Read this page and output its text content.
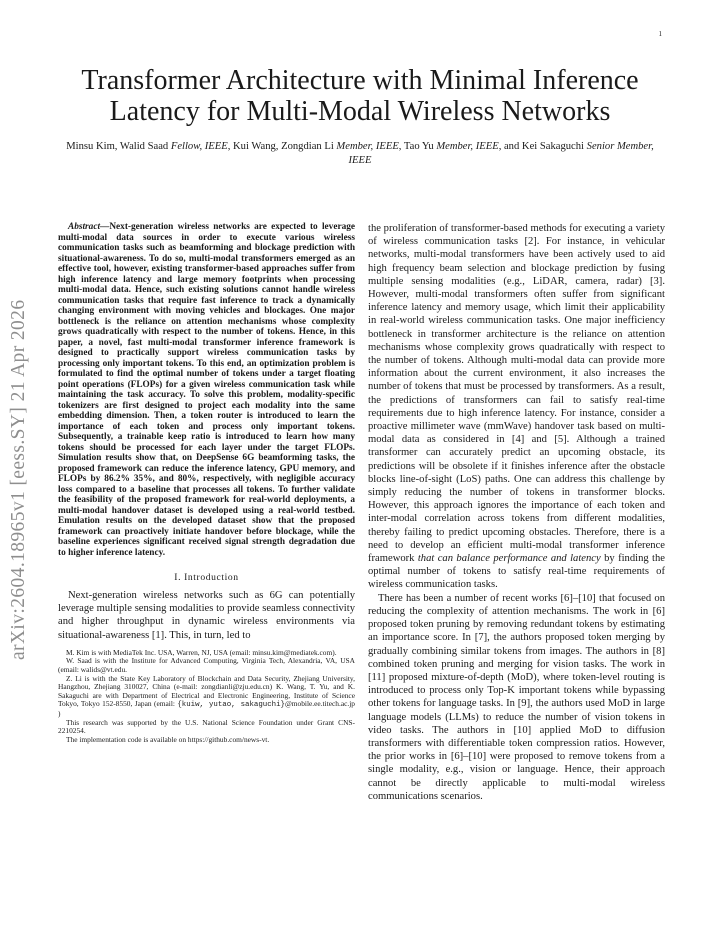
1
arXiv:2604.18965v1 [eess.SY] 21 Apr 2026
Transformer Architecture with Minimal Inference Latency for Multi-Modal Wireless Networks
Minsu Kim, Walid Saad Fellow, IEEE, Kui Wang, Zongdian Li Member, IEEE, Tao Yu Member, IEEE, and Kei Sakaguchi Senior Member, IEEE

Abstract—Next-generation wireless networks are expected to leverage multi-modal data sources in order to execute various wireless communication tasks such as beamforming and blockage prediction with situational-awareness. To do so, multi-modal transformers emerged as an effective tool, however, existing transformer-based approaches suffer from high inference latency and large memory footprints when processing multi-modal data. Hence, such existing solutions cannot handle wireless communication tasks that require fast inference to track a dynamically changing environment with moving vehicles and blockages. One major bottleneck is the reliance on attention mechanisms whose complexity grows quadratically with respect to the number of tokens. Hence, in this paper, a novel, fast multi-modal transformer inference framework is designed to practically support wireless communication tasks by processing only important tokens. To this end, an optimization problem is formulated to find the optimal number of tokens under a target floating point operations (FLOPs) for a given wireless communication task while maintaining the task accuracy. To solve this problem, modality-specific tokenizers are first designed to project each modality into the same embedding dimension. Then, a token router is introduced to learn the importance of each token and process only important tokens. Subsequently, a trainable keep ratio is introduced to learn how many tokens should be processed for each layer under the target FLOPs. Simulation results show that, on DeepSense 6G beamforming tasks, the proposed framework can reduce the inference latency, GPU memory, and FLOPs by 86.2% 35%, and 80%, respectively, with negligible accuracy loss compared to a baseline that processes all tokens. To further validate the feasibility of the proposed framework for real-world deployments, a multi-modal handover dataset is developed using a real-world testbed. Emulation results on the developed dataset show that the proposed framework can proactively initiate handover before blockage, while the baseline experiences significant received signal strength degradation due to higher inference latency.

I. Introduction

Next-generation wireless networks such as 6G can potentially leverage multiple sensing modalities to provide seamless connectivity and higher throughput in dynamic wireless environments via situational-awareness [1]. This, in turn, led to

M. Kim is with MediaTek Inc. USA, Warren, NJ, USA (email: minsu.kim@mediatek.com).

W. Saad is with the Institute for Advanced Computing, Virginia Tech, Alexandria, VA, USA (email: walids@vt.edu.

Z. Li is with the State Key Laboratory of Blockchain and Data Security, Zhejiang University, Hangzhou, Zhejiang 310027, China (e-mail: zongdianli@zju.edu.cn) K. Wang, T. Yu, and K. Sakaguchi are with Department of Electrical and Electronic Engineering, Institute of Science Tokyo, Tokyo 152-8550, Japan (email: {kuiw, yutao, sakaguchi}@mobile.ee.titech.ac.jp )

This research was supported by the U.S. National Science Foundation under Grant CNS-2210254.

The implementation code is available on https://github.com/news-vt.

the proliferation of transformer-based methods for executing a variety of wireless communication tasks [2]. For instance, in vehicular networks, multi-modal transformers have been actively used to aid high frequency beam selection and blockage prediction by fusing multiple sensing modalities (e.g., LiDAR, camera, radar) [3]. However, multi-modal transformers often suffer from significant inference latency and memory usage, which limit their applicability in real-world wireless communication tasks. One major inefficiency bottleneck in transformer architecture is the reliance on attention mechanisms whose complexity grows quadratically with respect to the number of tokens. Although multi-modal data can provide more information about the current environment, it also increases the number of tokens that must be processed by transformers. As a result, the predictions of transformers can fail to satisfy real-time requirements due to high inference latency. For instance, consider a proactive millimeter wave (mmWave) handover task based on multi-modal data as considered in [4] and [5]. Although a trained transformer can accurately predict an upcoming obstacle, its predictions will be obsolete if it finishes inference after the obstacle blocks line-of-sight (LoS) paths. One can address this challenge by simply reducing the number of tokens in transformer blocks. However, this approach ignores the importance of each token and inter-modal correlation across tokens from different modalities, thereby failing to predict upcoming obstacles. Therefore, there is a need to develop an efficient multi-modal transformer inference framework that can balance performance and latency by finding the optimal number of tokens to satisfy real-time requirements of wireless communication tasks.

There has been a number of recent works [6]–[10] that focused on reducing the complexity of attention mechanisms. The work in [6] proposed token pruning by removing redundant tokens by estimating an importance score. In [7], the authors proposed token merging by gradually combining similar tokens from images. The authors in [8] combined token pruning and merging for vision tasks. The work in [11] proposed mixture-of-depth (MoD), where token-level routing is introduced to process only Top-K important tokens while bypassing other tokens for language tasks. In [9], the authors used MoD in large language models (LLMs) to reduce the number of vision tokens in video tasks. The authors in [10] applied MoD to diffusion transformers with differentiable token compression ratios. However, the prior works in [6]–[10] were proposed to remove tokens from a single modality, e.g., vision or language. Hence, their approach cannot be directly applicable to multi-modal wireless communications scenarios.
